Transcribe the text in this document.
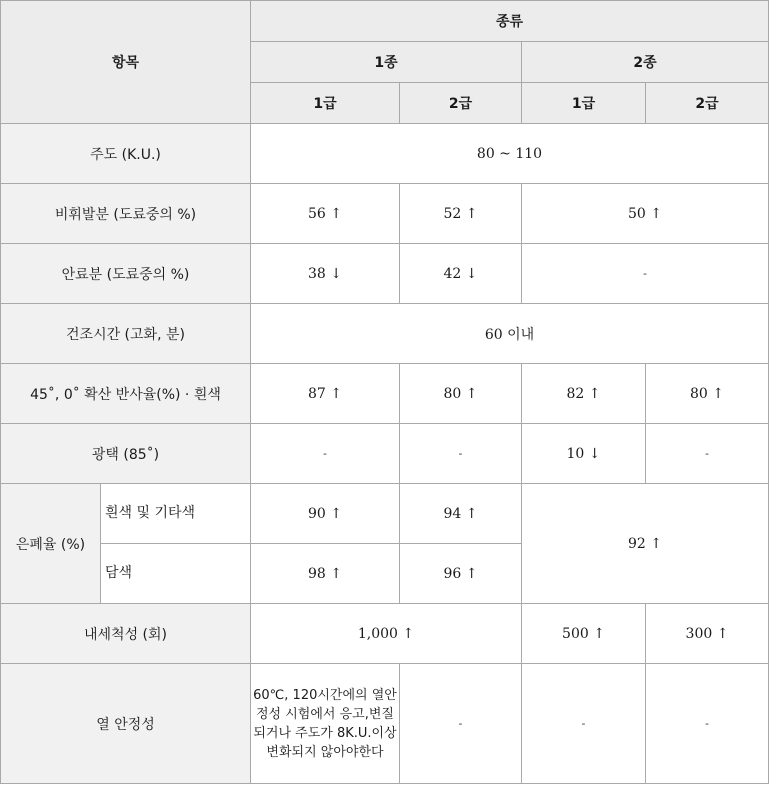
항목		종류			
		1종		2종	
		1급	2급	1급	2급
주도 (K.U.)		80 ~ 110			
비휘발분 (도료중의 %)		56 ↑	52 ↑	50 ↑	
안료분 (도료중의 %)		38 ↓	42 ↓	-	
건조시간 (고화, 분)		60 이내			
45˚, 0˚ 확산 반사율(%) · 흰색		87 ↑	80 ↑	82 ↑	80 ↑
광택 (85˚)		-	-	10 ↓	-
은폐율 (%)	흰색 및 기타색	90 ↑	94 ↑	92 ↑	
	담색	98 ↑	96 ↑		
내세척성 (회)		1,000 ↑		500 ↑	300 ↑
열 안정성		60℃, 120시간에의 열안정성 시험에서 응고,변질되거나 주도가 8K.U.이상 변화되지 않아야한다	-	-	-
